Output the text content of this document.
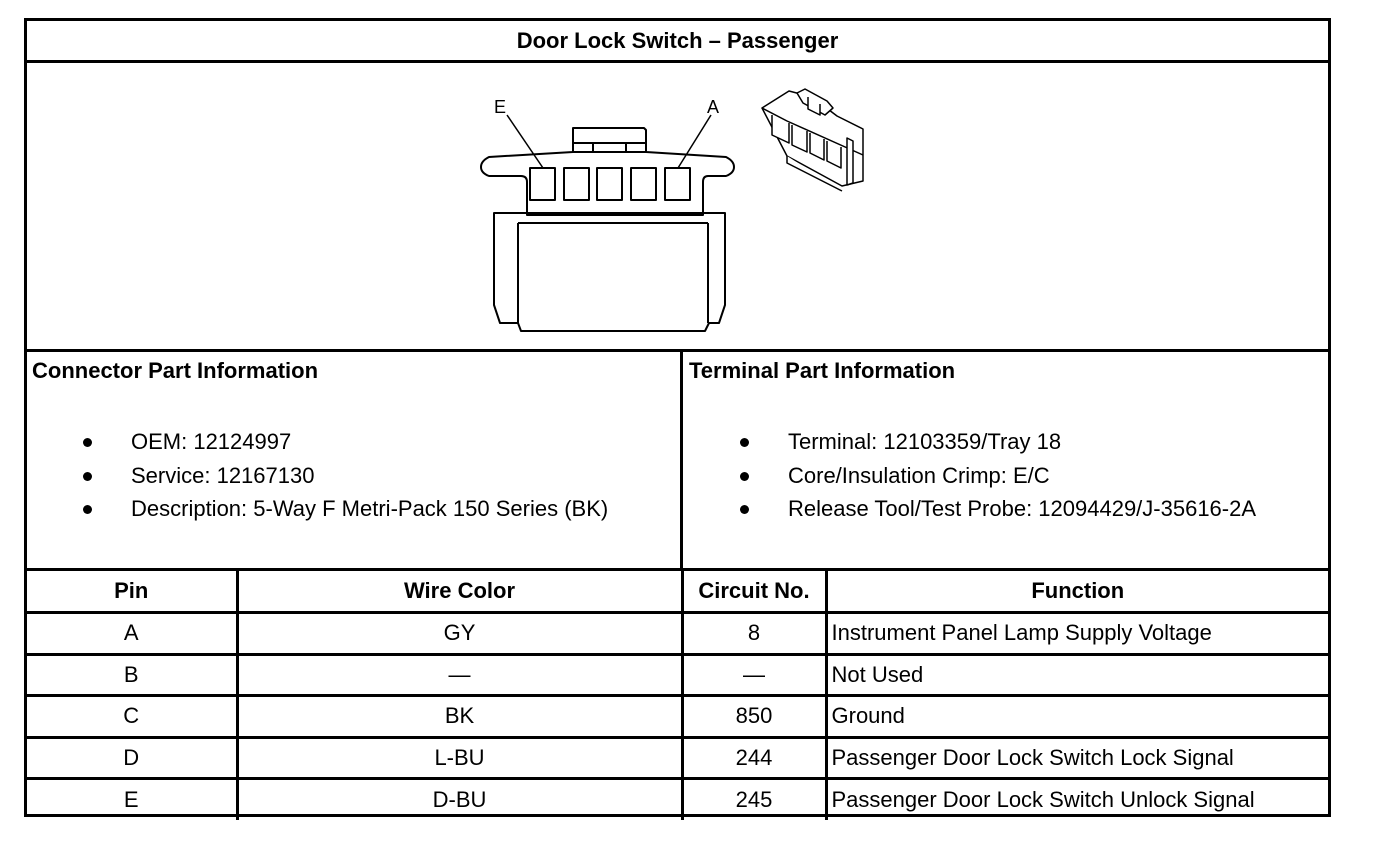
Door Lock Switch – Passenger
E	A
Connector Part Information
OEM: 12124997
Service: 12167130
Description: 5-Way F Metri-Pack 150 Series (BK)
Terminal Part Information
Terminal: 12103359/Tray 18
Core/Insulation Crimp: E/C
Release Tool/Test Probe: 12094429/J-35616-2A
Pin	Wire Color	Circuit No.	Function
A	GY	8	Instrument Panel Lamp Supply Voltage
B	—	—	Not Used
C	BK	850	Ground
D	L-BU	244	Passenger Door Lock Switch Lock Signal
E	D-BU	245	Passenger Door Lock Switch Unlock Signal
